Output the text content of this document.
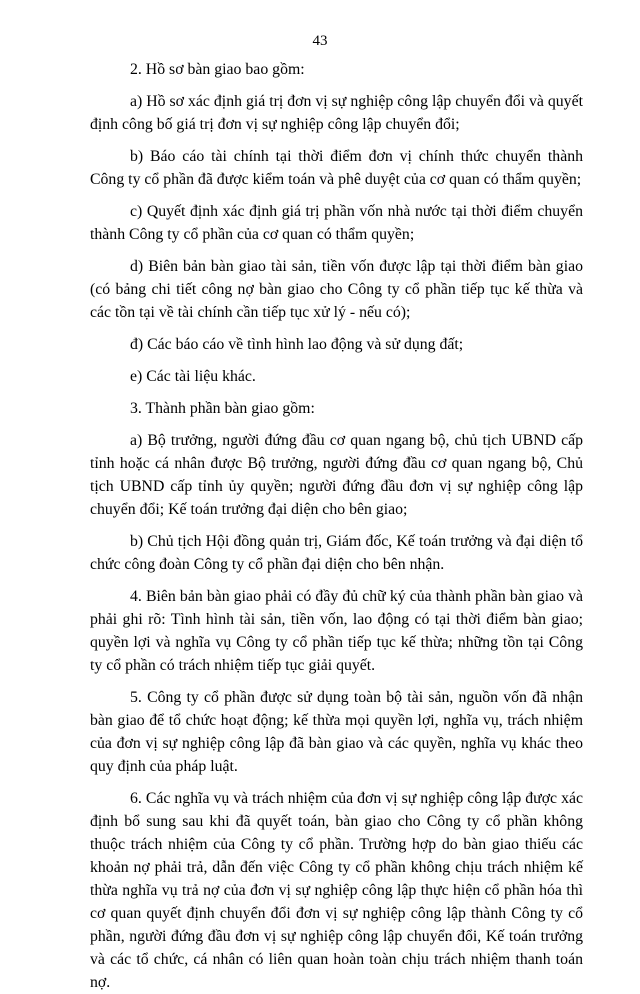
43

2. Hồ sơ bàn giao bao gồm:

a) Hồ sơ xác định giá trị đơn vị sự nghiệp công lập chuyển đổi và quyết định công bố giá trị đơn vị sự nghiệp công lập chuyển đổi;

b) Báo cáo tài chính tại thời điểm đơn vị chính thức chuyển thành Công ty cổ phần đã được kiểm toán và phê duyệt của cơ quan có thẩm quyền;

c) Quyết định xác định giá trị phần vốn nhà nước tại thời điểm chuyển thành Công ty cổ phần của cơ quan có thẩm quyền;

d) Biên bản bàn giao tài sản, tiền vốn được lập tại thời điểm bàn giao (có bảng chi tiết công nợ bàn giao cho Công ty cổ phần tiếp tục kế thừa và các tồn tại về tài chính cần tiếp tục xử lý - nếu có);

đ) Các báo cáo về tình hình lao động và sử dụng đất;

e) Các tài liệu khác.

3. Thành phần bàn giao gồm:

a) Bộ trưởng, người đứng đầu cơ quan ngang bộ, chủ tịch UBND cấp tỉnh hoặc cá nhân được Bộ trưởng, người đứng đầu cơ quan ngang bộ, Chủ tịch UBND cấp tỉnh ủy quyền; người đứng đầu đơn vị sự nghiệp công lập chuyển đổi; Kế toán trưởng đại diện cho bên giao;

b) Chủ tịch Hội đồng quản trị, Giám đốc, Kế toán trưởng và đại diện tổ chức công đoàn Công ty cổ phần đại diện cho bên nhận.

4. Biên bản bàn giao phải có đầy đủ chữ ký của thành phần bàn giao và phải ghi rõ: Tình hình tài sản, tiền vốn, lao động có tại thời điểm bàn giao; quyền lợi và nghĩa vụ Công ty cổ phần tiếp tục kế thừa; những tồn tại Công ty cổ phần có trách nhiệm tiếp tục giải quyết.

5. Công ty cổ phần được sử dụng toàn bộ tài sản, nguồn vốn đã nhận bàn giao để tổ chức hoạt động; kế thừa mọi quyền lợi, nghĩa vụ, trách nhiệm của đơn vị sự nghiệp công lập đã bàn giao và các quyền, nghĩa vụ khác theo quy định của pháp luật.

6. Các nghĩa vụ và trách nhiệm của đơn vị sự nghiệp công lập được xác định bổ sung sau khi đã quyết toán, bàn giao cho Công ty cổ phần không thuộc trách nhiệm của Công ty cổ phần. Trường hợp do bàn giao thiếu các khoản nợ phải trả, dẫn đến việc Công ty cổ phần không chịu trách nhiệm kế thừa nghĩa vụ trả nợ của đơn vị sự nghiệp công lập thực hiện cổ phần hóa thì cơ quan quyết định chuyển đổi đơn vị sự nghiệp công lập thành Công ty cổ phần, người đứng đầu đơn vị sự nghiệp công lập chuyển đổi, Kế toán trưởng và các tổ chức, cá nhân có liên quan hoàn toàn chịu trách nhiệm thanh toán nợ.
